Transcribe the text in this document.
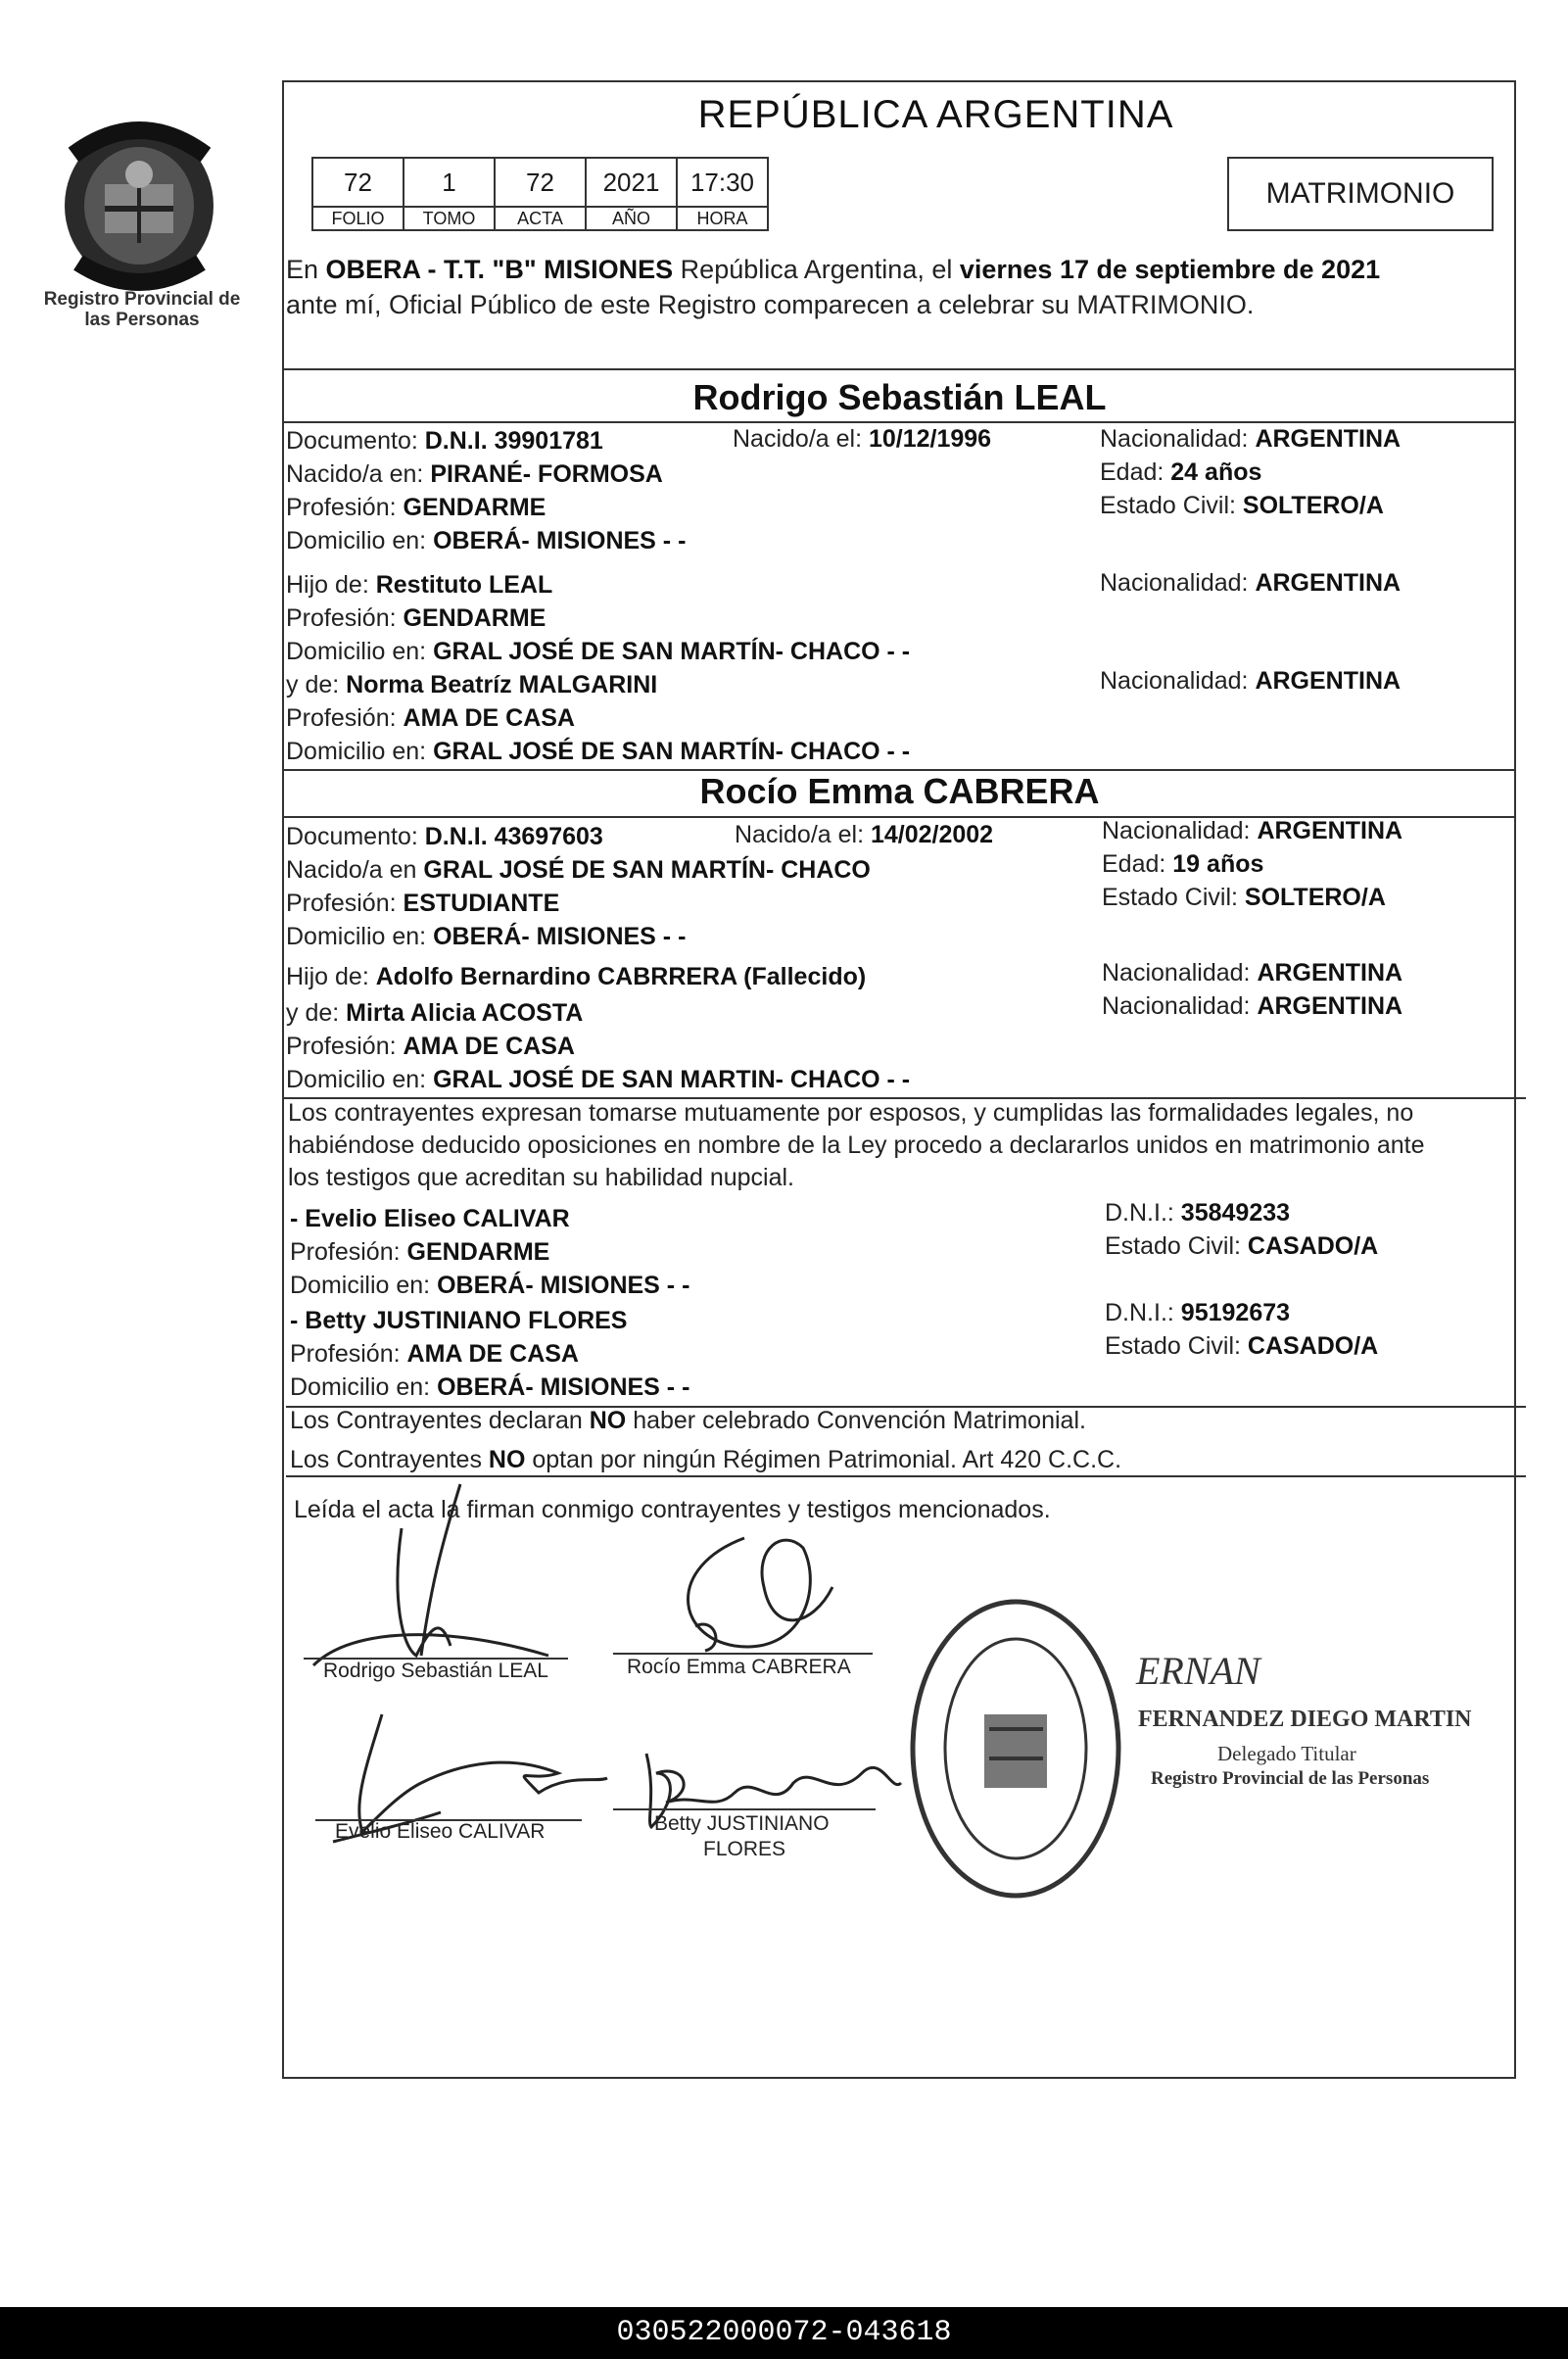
Registro Provincial de las Personas
REPÚBLICA ARGENTINA
72	1	72	2021	17:30
FOLIO	TOMO	ACTA	AÑO	HORA
MATRIMONIO
En OBERA - T.T. "B" MISIONES República Argentina, el viernes 17 de septiembre de 2021
ante mí, Oficial Público de este Registro comparecen a celebrar su MATRIMONIO.
Rodrigo Sebastián LEAL
Documento: D.N.I. 39901781	Nacido/a el: 10/12/1996	Nacionalidad: ARGENTINA
Nacido/a en: PIRANÉ- FORMOSA	Edad: 24 años
Profesión: GENDARME	Estado Civil: SOLTERO/A
Domicilio en: OBERÁ- MISIONES - -
Hijo de: Restituto LEAL	Nacionalidad: ARGENTINA
Profesión: GENDARME
Domicilio en: GRAL JOSÉ DE SAN MARTÍN- CHACO - -
y de: Norma Beatríz MALGARINI	Nacionalidad: ARGENTINA
Profesión: AMA DE CASA
Domicilio en: GRAL JOSÉ DE SAN MARTÍN- CHACO - -
Rocío Emma CABRERA
Documento: D.N.I. 43697603	Nacido/a el: 14/02/2002	Nacionalidad: ARGENTINA
Nacido/a en GRAL JOSÉ DE SAN MARTÍN- CHACO	Edad: 19 años
Profesión: ESTUDIANTE	Estado Civil: SOLTERO/A
Domicilio en: OBERÁ- MISIONES - -
Hijo de: Adolfo Bernardino CABRRERA (Fallecido)	Nacionalidad: ARGENTINA
y de: Mirta Alicia ACOSTA	Nacionalidad: ARGENTINA
Profesión: AMA DE CASA
Domicilio en: GRAL JOSÉ DE SAN MARTIN- CHACO - -
Los contrayentes expresan tomarse mutuamente por esposos, y cumplidas las formalidades legales, no
habiéndose deducido oposiciones en nombre de la Ley procedo a declararlos unidos en matrimonio ante
los testigos que acreditan su habilidad nupcial.
- Evelio Eliseo CALIVAR	D.N.I.: 35849233
Profesión: GENDARME	Estado Civil: CASADO/A
Domicilio en: OBERÁ- MISIONES - -
- Betty JUSTINIANO FLORES	D.N.I.: 95192673
Profesión: AMA DE CASA	Estado Civil: CASADO/A
Domicilio en: OBERÁ- MISIONES - -
Los Contrayentes declaran NO haber celebrado Convención Matrimonial.
Los Contrayentes NO optan por ningún Régimen Patrimonial. Art 420 C.C.C.
Leída el acta la firman conmigo contrayentes y testigos mencionados.
Rodrigo Sebastián LEAL	Rocío Emma CABRERA
Evelio Eliseo CALIVAR	Betty JUSTINIANO
FLORES
ERNAN
FERNANDEZ DIEGO MARTIN
Delegado Titular
Registro Provincial de las Personas
030522000072-043618
